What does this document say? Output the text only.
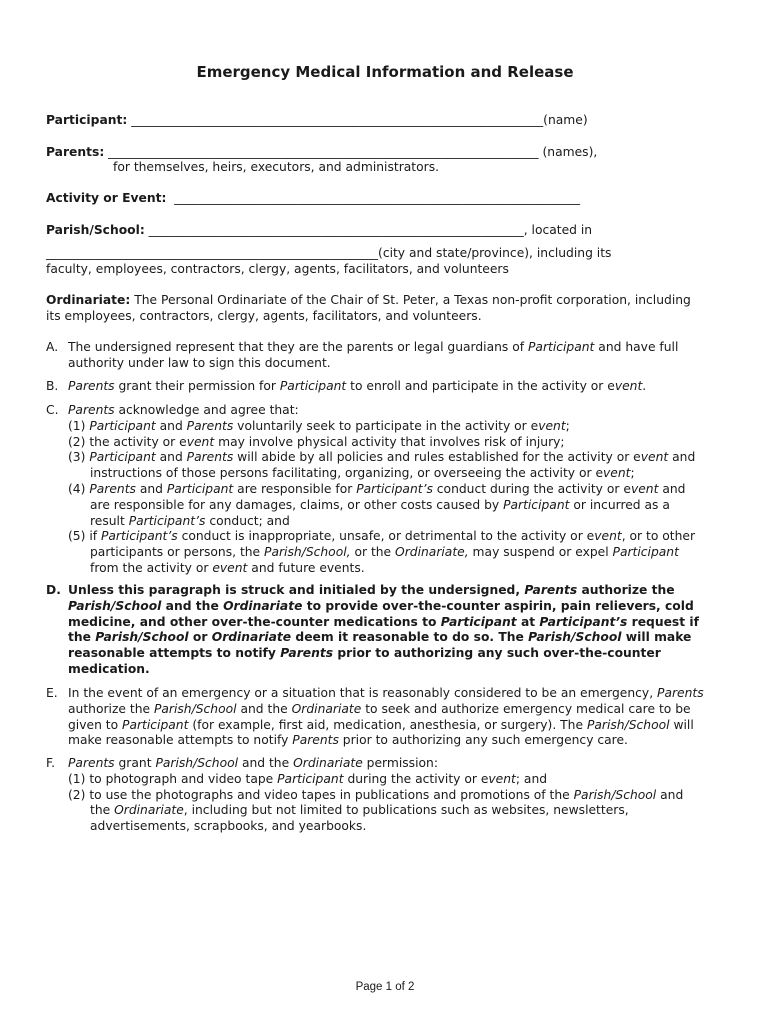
Emergency Medical Information and Release
Participant: ___________________________________________________________________(name)
Parents: ______________________________________________________________________ (names),
for themselves, heirs, executors, and administrators.
Activity or Event:  __________________________________________________________________
Parish/School: _____________________________________________________________, located in
______________________________________________________(city and state/province), including its
faculty, employees, contractors, clergy, agents, facilitators, and volunteers
Ordinariate: The Personal Ordinariate of the Chair of St. Peter, a Texas non-profit corporation, including
its employees, contractors, clergy, agents, facilitators, and volunteers.
A. The undersigned represent that they are the parents or legal guardians of Participant and have full
authority under law to sign this document.
B. Parents grant their permission for Participant to enroll and participate in the activity or event.
C. Parents acknowledge and agree that:
(1) Participant and Parents voluntarily seek to participate in the activity or event;
(2) the activity or event may involve physical activity that involves risk of injury;
(3) Participant and Parents will abide by all policies and rules established for the activity or event and
instructions of those persons facilitating, organizing, or overseeing the activity or event;
(4) Parents and Participant are responsible for Participant’s conduct during the activity or event and
are responsible for any damages, claims, or other costs caused by Participant or incurred as a
result Participant’s conduct; and
(5) if Participant’s conduct is inappropriate, unsafe, or detrimental to the activity or event, or to other
participants or persons, the Parish/School, or the Ordinariate, may suspend or expel Participant
from the activity or event and future events.
D. Unless this paragraph is struck and initialed by the undersigned, Parents authorize the
Parish/School and the Ordinariate to provide over-the-counter aspirin, pain relievers, cold
medicine, and other over-the-counter medications to Participant at Participant’s request if
the Parish/School or Ordinariate deem it reasonable to do so. The Parish/School will make
reasonable attempts to notify Parents prior to authorizing any such over-the-counter
medication.
E. In the event of an emergency or a situation that is reasonably considered to be an emergency, Parents
authorize the Parish/School and the Ordinariate to seek and authorize emergency medical care to be
given to Participant (for example, first aid, medication, anesthesia, or surgery). The Parish/School will
make reasonable attempts to notify Parents prior to authorizing any such emergency care.
F.	Parents grant Parish/School and the Ordinariate permission:
(1) to photograph and video tape Participant during the activity or event; and
(2) to use the photographs and video tapes in publications and promotions of the Parish/School and
the Ordinariate, including but not limited to publications such as websites, newsletters,
advertisements, scrapbooks, and yearbooks.
Page 1 of 2
